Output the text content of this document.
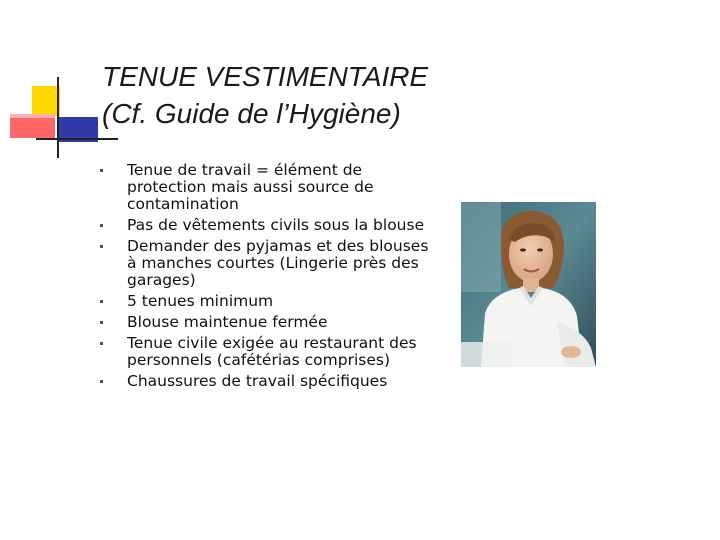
TENUE VESTIMENTAIRE
(Cf. Guide de l’Hygiène)
Tenue de travail = élément de protection mais aussi source de contamination
Pas de vêtements civils sous la blouse
Demander des pyjamas et des blouses à manches courtes (Lingerie près des garages)
5 tenues minimum
Blouse maintenue fermée
Tenue civile exigée au restaurant des personnels (cafétérias comprises)
Chaussures de travail spécifiques
